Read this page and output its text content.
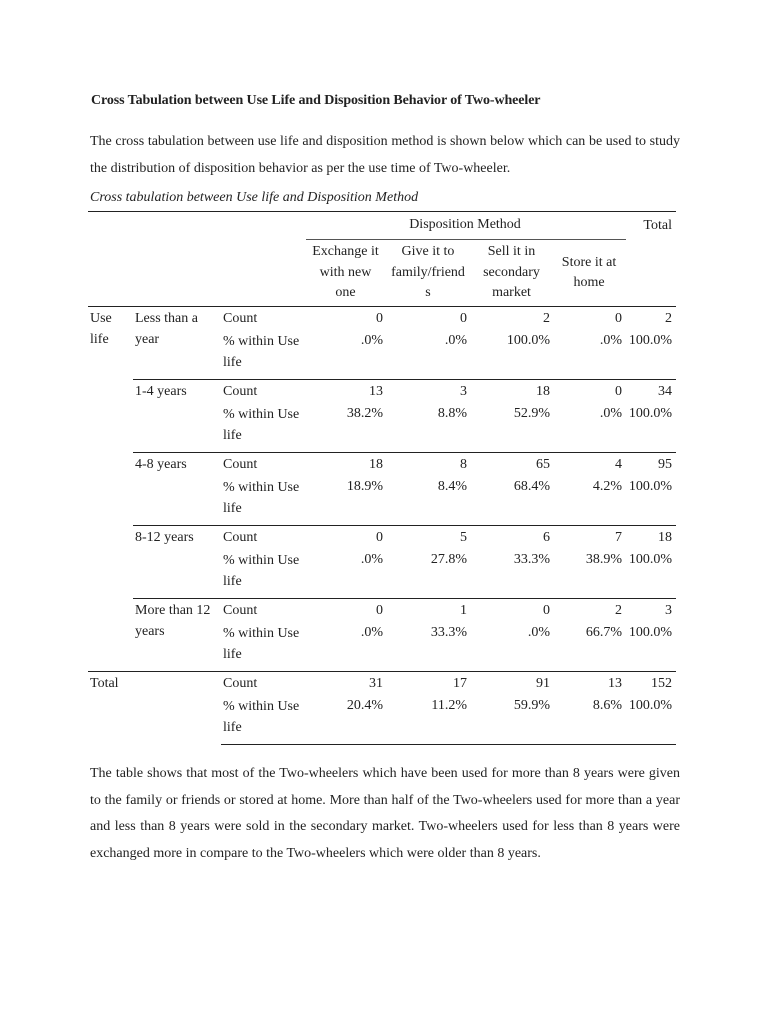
Cross Tabulation between Use Life and Disposition Behavior of Two-wheeler
The cross tabulation between use life and disposition method is shown below which can be used to study the distribution of disposition behavior as per the use time of Two-wheeler.
Cross tabulation between Use life and Disposition Method
			Disposition Method				Total
			Exchange it with new one	Give it to family/friend s	Sell it in secondary market	Store it at home	
Use life	Less than a year	Count	0	0	2	0	2
		% within Use life	.0%	.0%	100.0%	.0%	100.0%
	1-4 years	Count	13	3	18	0	34
		% within Use life	38.2%	8.8%	52.9%	.0%	100.0%
	4-8 years	Count	18	8	65	4	95
		% within Use life	18.9%	8.4%	68.4%	4.2%	100.0%
	8-12 years	Count	0	5	6	7	18
		% within Use life	.0%	27.8%	33.3%	38.9%	100.0%
	More than 12 years	Count	0	1	0	2	3
		% within Use life	.0%	33.3%	.0%	66.7%	100.0%
Total		Count	31	17	91	13	152
		% within Use life	20.4%	11.2%	59.9%	8.6%	100.0%
The table shows that most of the Two-wheelers which have been used for more than 8 years were given to the family or friends or stored at home. More than half of the Two-wheelers used for more than a year and less than 8 years were sold in the secondary market. Two-wheelers used for less than 8 years were exchanged more in compare to the Two-wheelers which were older than 8 years.
